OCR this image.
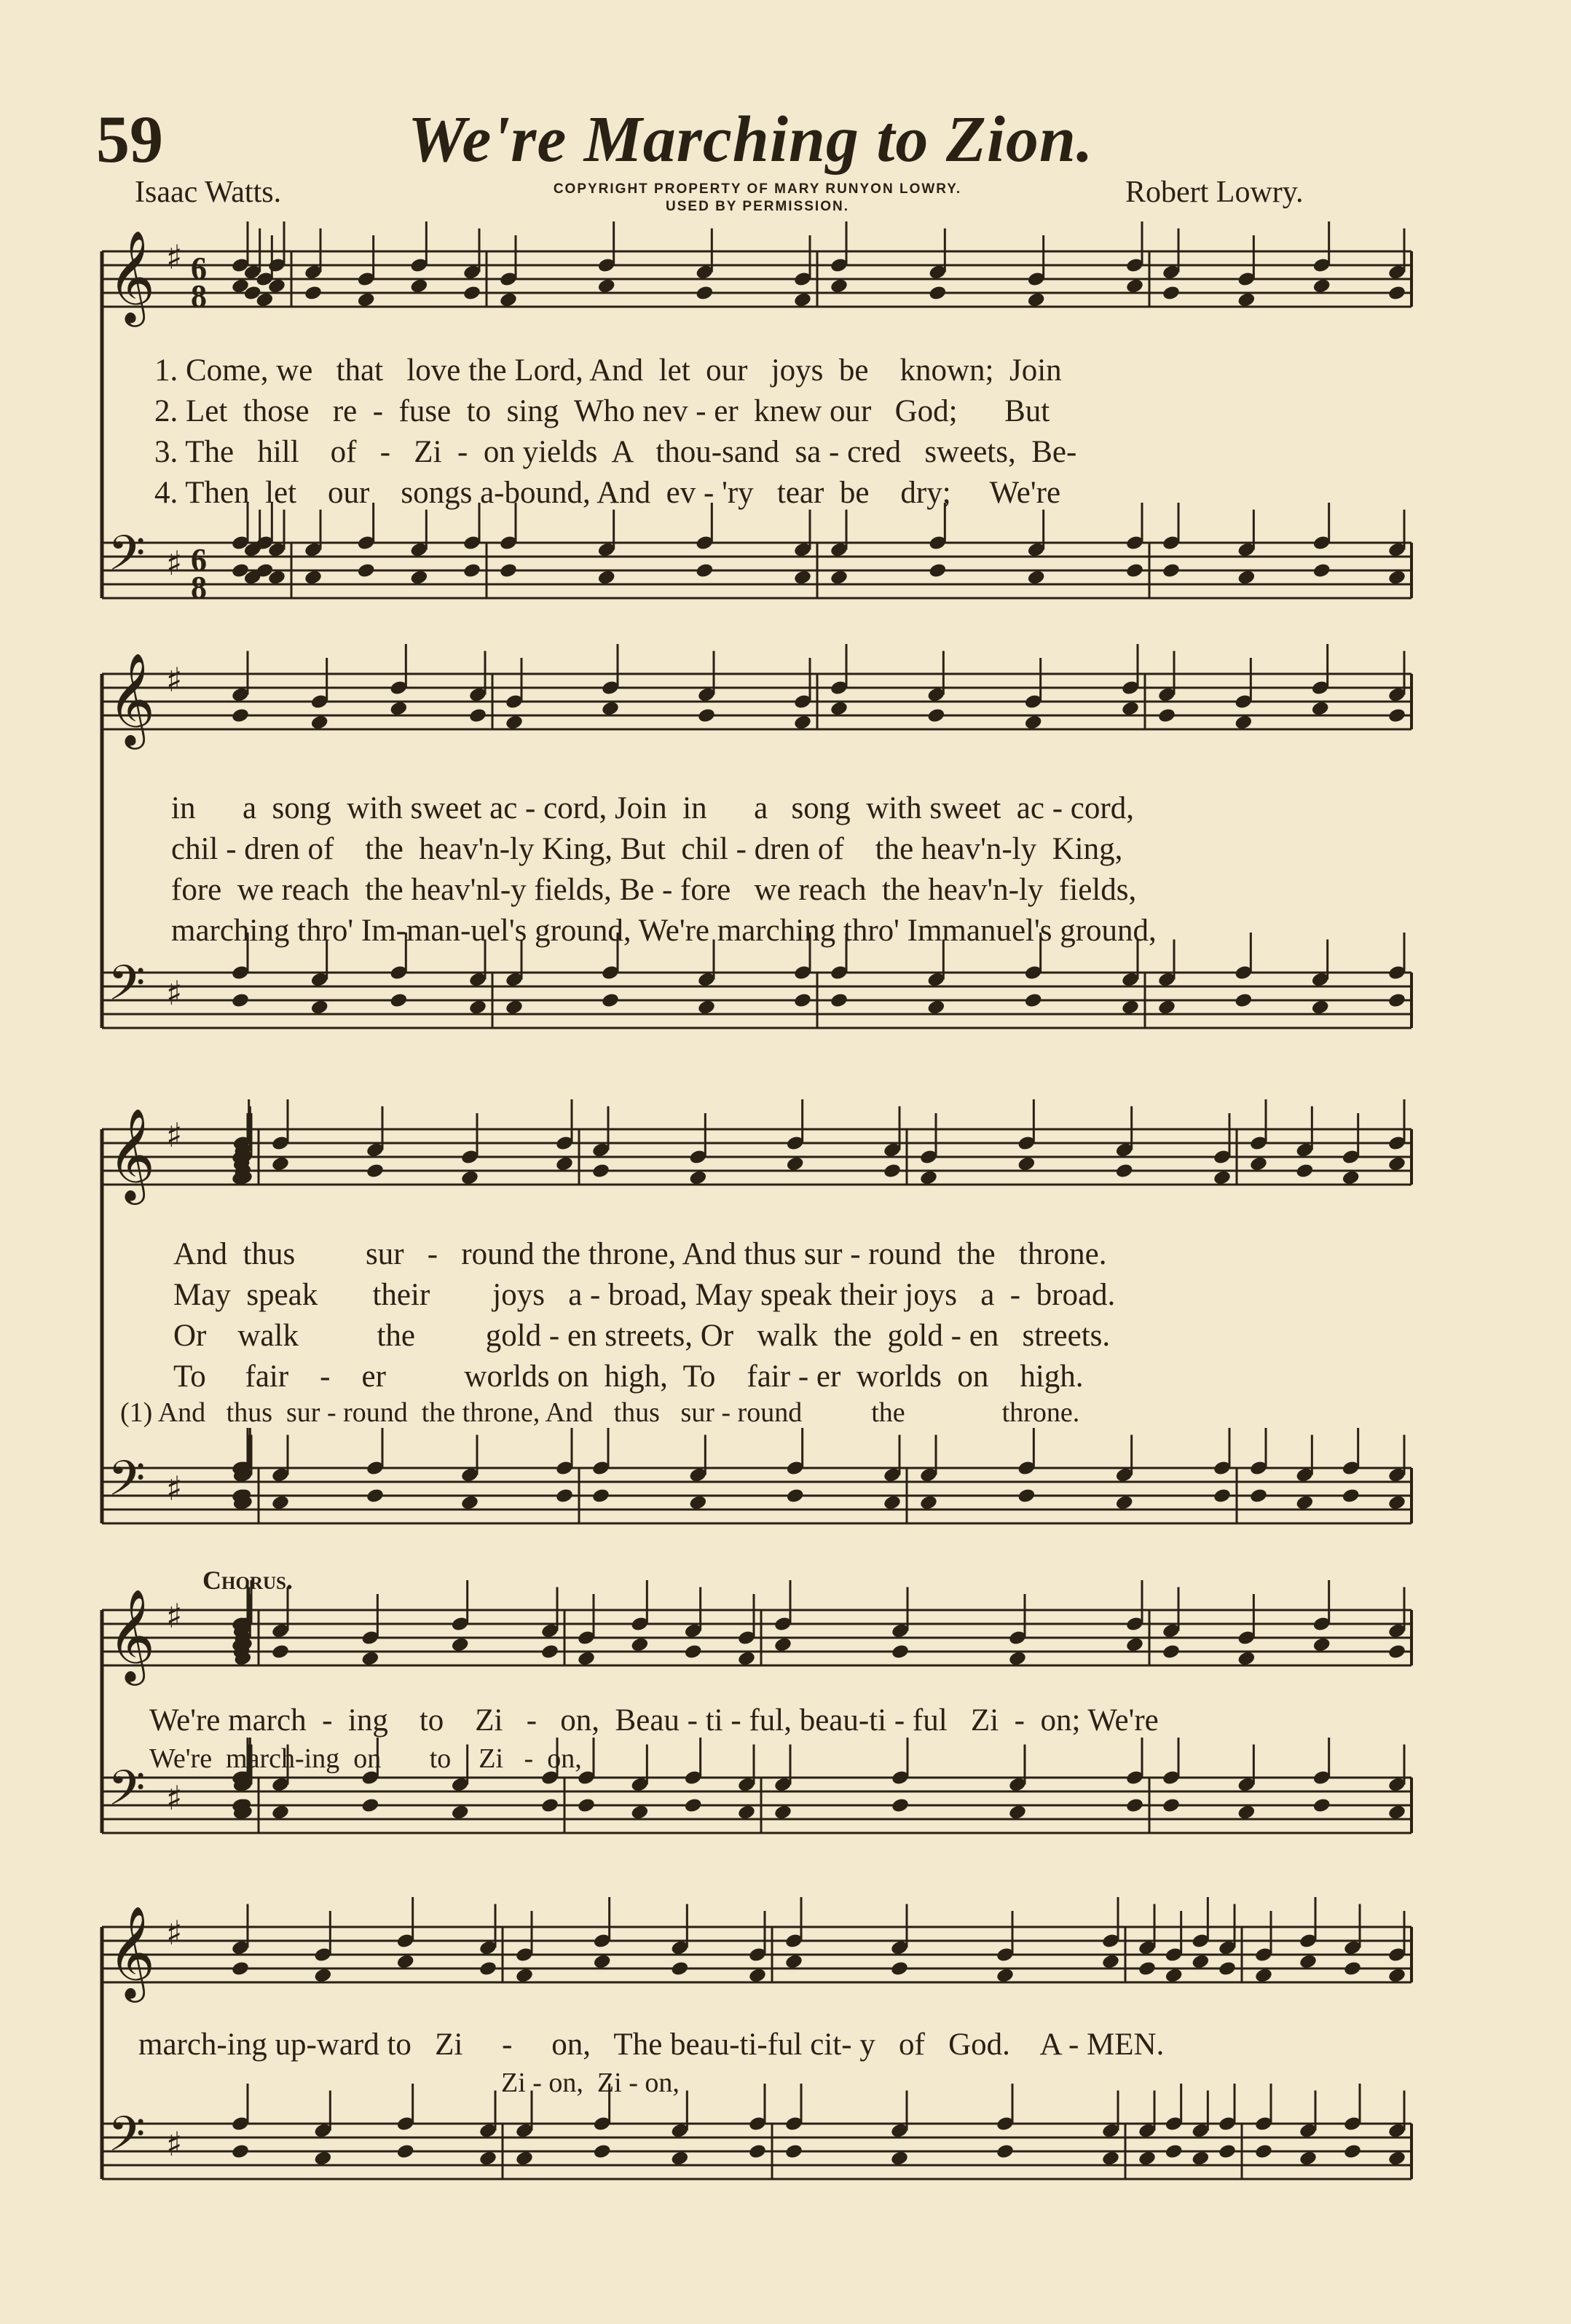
59	We're Marching to Zion.
Isaac Watts.	COPYRIGHT PROPERTY OF MARY RUNYON LOWRY.
USED BY PERMISSION.	Robert Lowry.
𝄞 ♯
𝄢 ♯
6
8
6
8
𝄞 ♯
𝄢 ♯
𝄞 ♯
𝄢 ♯
𝄞 ♯
𝄢 ♯
𝄞 ♯
𝄢 ♯
1. Come, we   that   love the Lord, And  let  our   joys  be    known;  Join
2. Let  those   re  -  fuse  to  sing  Who nev - er  knew our   God;      But
3. The   hill    of   -   Zi  -  on yields  A   thou-sand  sa - cred   sweets,  Be-
4. Then  let    our    songs a-bound, And  ev - 'ry   tear  be    dry;     We're
in      a  song  with sweet ac - cord, Join  in      a   song  with sweet  ac - cord,
chil - dren of    the  heav'n-ly King, But  chil - dren of    the heav'n-ly  King,
fore  we reach  the heav'nl-y fields, Be - fore   we reach  the heav'n-ly  fields,
marching thro' Im-man-uel's ground, We're marching thro' Immanuel's ground,
And  thus         sur   -   round the throne, And thus sur - round  the   throne.
May  speak       their        joys   a - broad, May speak their joys   a  -  broad.
Or    walk          the         gold - en streets, Or   walk  the  gold - en   streets.
To     fair    -    er          worlds on  high,  To    fair - er  worlds  on    high.
(1) And   thus  sur - round  the throne, And   thus   sur - round          the              throne.
Chorus.
We're march  -  ing    to    Zi   -   on,  Beau - ti - ful, beau-ti - ful   Zi  -  on; We're
We're  march-ing  on       to    Zi   -  on,
march-ing up-ward to   Zi     -     on,   The beau-ti-ful cit- y   of   God.    A - MEN.
Zi - on,  Zi - on,
